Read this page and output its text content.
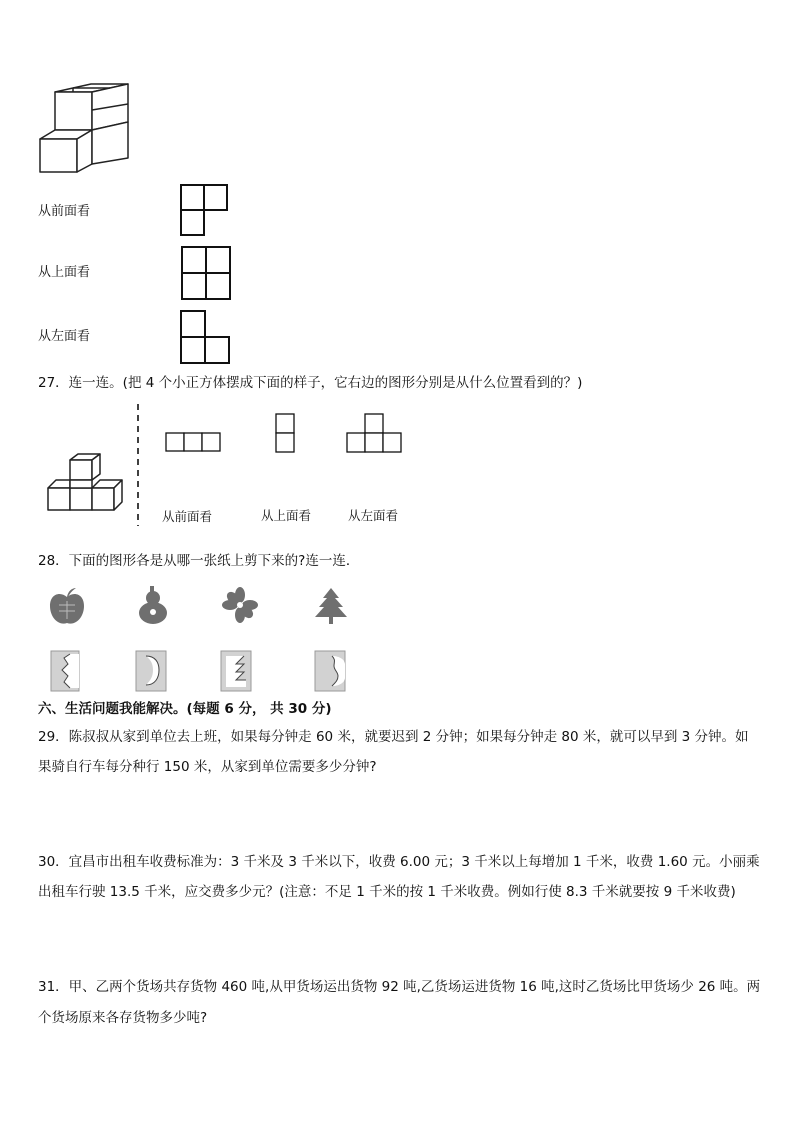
从前面看
从上面看
从左面看
27．连一连。(把 4 个小正方体摆成下面的样子，它右边的图形分别是从什么位置看到的？)
从前面看	从上面看	从左面看
28．下面的图形各是从哪一张纸上剪下来的?连一连．
六、生活问题我能解决。(每题 6 分， 共 30 分)
29．陈叔叔从家到单位去上班，如果每分钟走 60 米，就要迟到 2 分钟；如果每分钟走 80 米，就可以早到 3 分钟。如
果骑自行车每分种行 150 米，从家到单位需要多少分钟?
30．宜昌市出租车收费标准为：3 千米及 3 千米以下，收费 6.00 元；3 千米以上每增加 1 千米，收费 1.60 元。小丽乘
出租车行驶 13.5 千米，应交费多少元？(注意：不足 1 千米的按 1 千米收费。例如行使 8.3 千米就要按 9 千米收费)
31．甲、乙两个货场共存货物 460 吨,从甲货场运出货物 92 吨,乙货场运进货物 16 吨,这时乙货场比甲货场少 26 吨。两
个货场原来各存货物多少吨?
